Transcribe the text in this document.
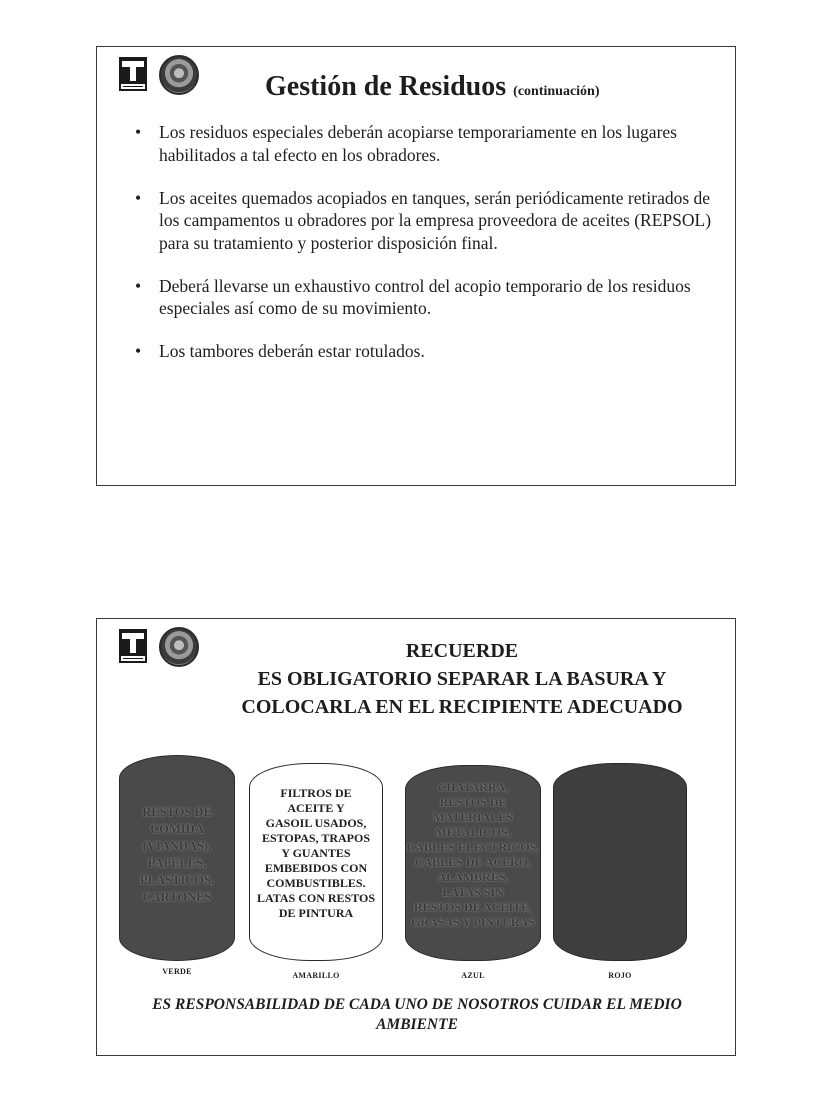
Gestión de Residuos (continuación)
• Los residuos especiales deberán acopiarse temporariamente en los lugares habilitados a tal efecto en los obradores.
• Los aceites quemados acopiados en tanques, serán periódicamente retirados de los campamentos u obradores por la empresa proveedora de aceites (REPSOL) para su tratamiento y posterior disposición final.
• Deberá llevarse un exhaustivo control del acopio temporario de los residuos especiales así como de su movimiento.
• Los tambores deberán estar rotulados.
RECUERDE
ES OBLIGATORIO SEPARAR LA BASURA Y
COLOCARLA EN EL RECIPIENTE ADECUADO
RESTOS DE
COMIDA
(VIANDAS),
PAPELES,
PLASTICOS,
CARTONES
VERDE
FILTROS DE
ACEITE Y
GASOIL USADOS,
ESTOPAS, TRAPOS
Y GUANTES
EMBEBIDOS CON
COMBUSTIBLES.
LATAS CON RESTOS
DE PINTURA
AMARILLO
CHATARRA,
RESTOS DE
MATERIALES
METALICOS,
CABLES ELECTRICOS,
CABLES DE ACERO,
ALAMBRES,
LATAS SIN
RESTOS DE ACEITE,
GRASAS Y PINTURAS
AZUL	ROJO
ES RESPONSABILIDAD DE CADA UNO DE NOSOTROS CUIDAR EL MEDIO AMBIENTE
